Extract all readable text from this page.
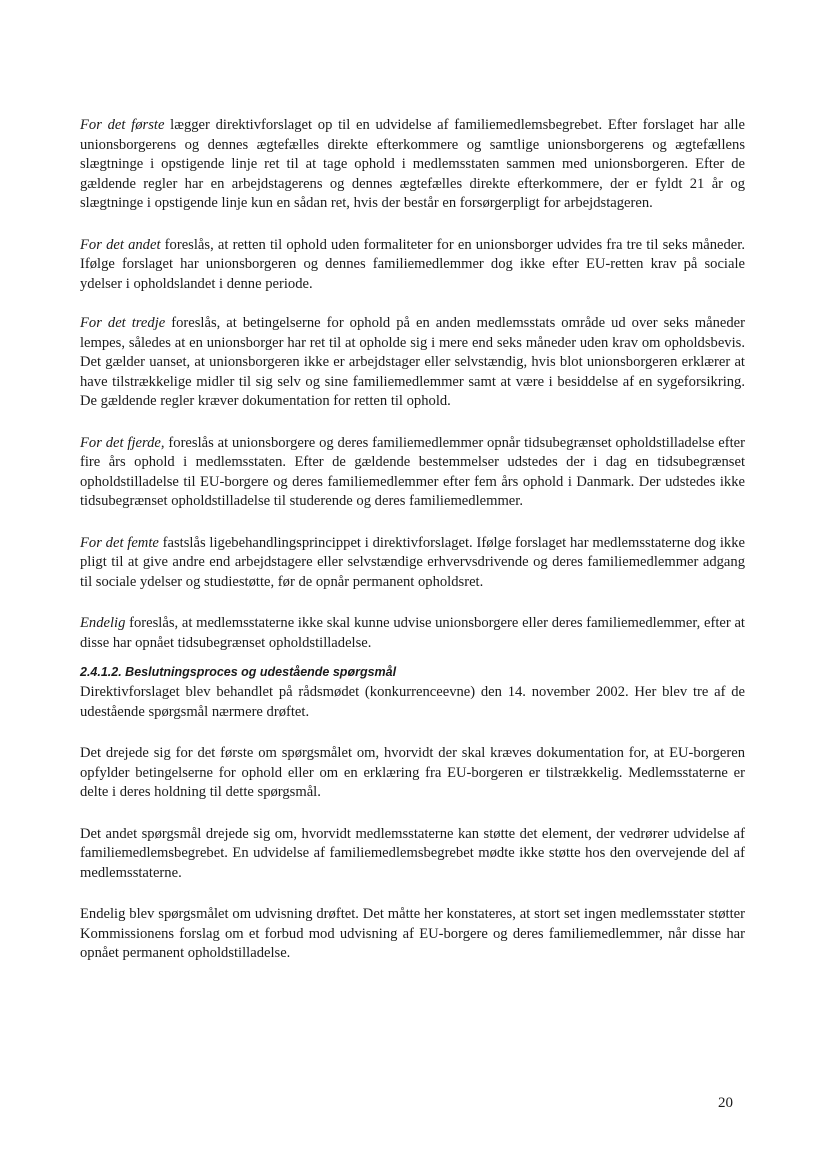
For det første lægger direktivforslaget op til en udvidelse af familiemedlemsbegrebet. Efter forslaget har alle unionsborgerens og dennes ægtefælles direkte efterkommere og samtlige unionsborgerens og ægtefællens slægtninge i opstigende linje ret til at tage ophold i medlemsstaten sammen med unionsborgeren. Efter de gældende regler har en arbejdstagerens og dennes ægtefælles direkte efterkommere, der er fyldt 21 år og slægtninge i opstigende linje kun en sådan ret, hvis der består en forsørgerpligt for arbejdstageren.

For det andet foreslås, at retten til ophold uden formaliteter for en unionsborger udvides fra tre til seks måneder. Ifølge forslaget har unionsborgeren og dennes familiemedlemmer dog ikke efter EU-retten krav på sociale ydelser i opholdslandet i denne periode.

For det tredje foreslås, at betingelserne for ophold på en anden medlemsstats område ud over seks måneder lempes, således at en unionsborger har ret til at opholde sig i mere end seks måneder uden krav om opholdsbevis. Det gælder uanset, at unionsborgeren ikke er arbejdstager eller selvstændig, hvis blot unionsborgeren erklærer at have tilstrækkelige midler til sig selv og sine familiemedlemmer samt at være i besiddelse af en sygeforsikring. De gældende regler kræver dokumentation for retten til ophold.

For det fjerde, foreslås at unionsborgere og deres familiemedlemmer opnår tidsubegrænset opholdstilladelse efter fire års ophold i medlemsstaten. Efter de gældende bestemmelser udstedes der i dag en tidsubegrænset opholdstilladelse til EU-borgere og deres familiemedlemmer efter fem års ophold i Danmark. Der udstedes ikke tidsubegrænset opholdstilladelse til studerende og deres familiemedlemmer.

For det femte fastslås ligebehandlingsprincippet i direktivforslaget. Ifølge forslaget har medlemsstaterne dog ikke pligt til at give andre end arbejdstagere eller selvstændige erhvervsdrivende og deres familiemedlemmer adgang til sociale ydelser og studiestøtte, før de opnår permanent opholdsret.

Endelig foreslås, at medlemsstaterne ikke skal kunne udvise unionsborgere eller deres familiemedlemmer, efter at disse har opnået tidsubegrænset opholdstilladelse.

2.4.1.2. Beslutningsproces og udestående spørgsmål

Direktivforslaget blev behandlet på rådsmødet (konkurrenceevne) den 14. november 2002. Her blev tre af de udestående spørgsmål nærmere drøftet.

Det drejede sig for det første om spørgsmålet om, hvorvidt der skal kræves dokumentation for, at EU-borgeren opfylder betingelserne for ophold eller om en erklæring fra EU-borgeren er tilstrækkelig. Medlemsstaterne er delte i deres holdning til dette spørgsmål.

Det andet spørgsmål drejede sig om, hvorvidt medlemsstaterne kan støtte det element, der vedrører udvidelse af familiemedlemsbegrebet. En udvidelse af familiemedlemsbegrebet mødte ikke støtte hos den overvejende del af medlemsstaterne.

Endelig blev spørgsmålet om udvisning drøftet. Det måtte her konstateres, at stort set ingen medlemsstater støtter Kommissionens forslag om et forbud mod udvisning af EU-borgere og deres familiemedlemmer, når disse har opnået permanent opholdstilladelse.

20
